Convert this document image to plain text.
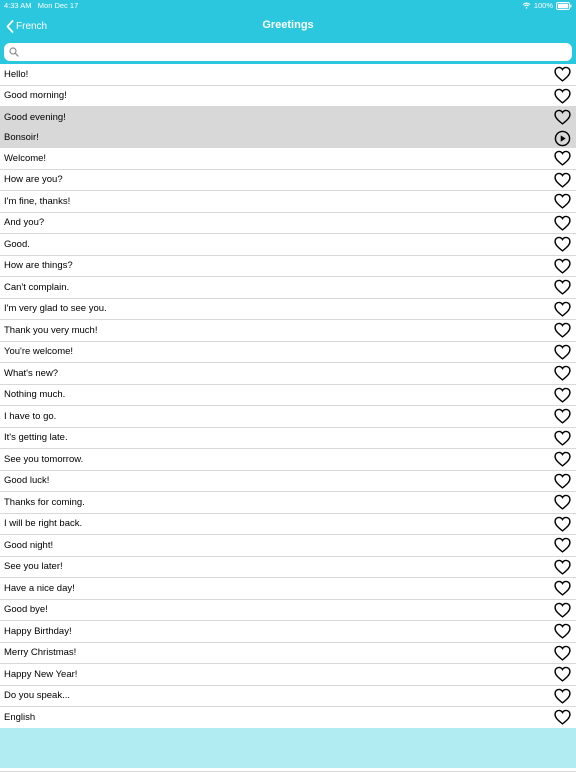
4:33 AM Mon Dec 17	100%
French	Greetings
Hello!
Good morning!
Good evening!
Bonsoir!
Welcome!
How are you?
I'm fine, thanks!
And you?
Good.
How are things?
Can't complain.
I'm very glad to see you.
Thank you very much!
You're welcome!
What's new?
Nothing much.
I have to go.
It's getting late.
See you tomorrow.
Good luck!
Thanks for coming.
I will be right back.
Good night!
See you later!
Have a nice day!
Good bye!
Happy Birthday!
Merry Christmas!
Happy New Year!
Do you speak...
English
